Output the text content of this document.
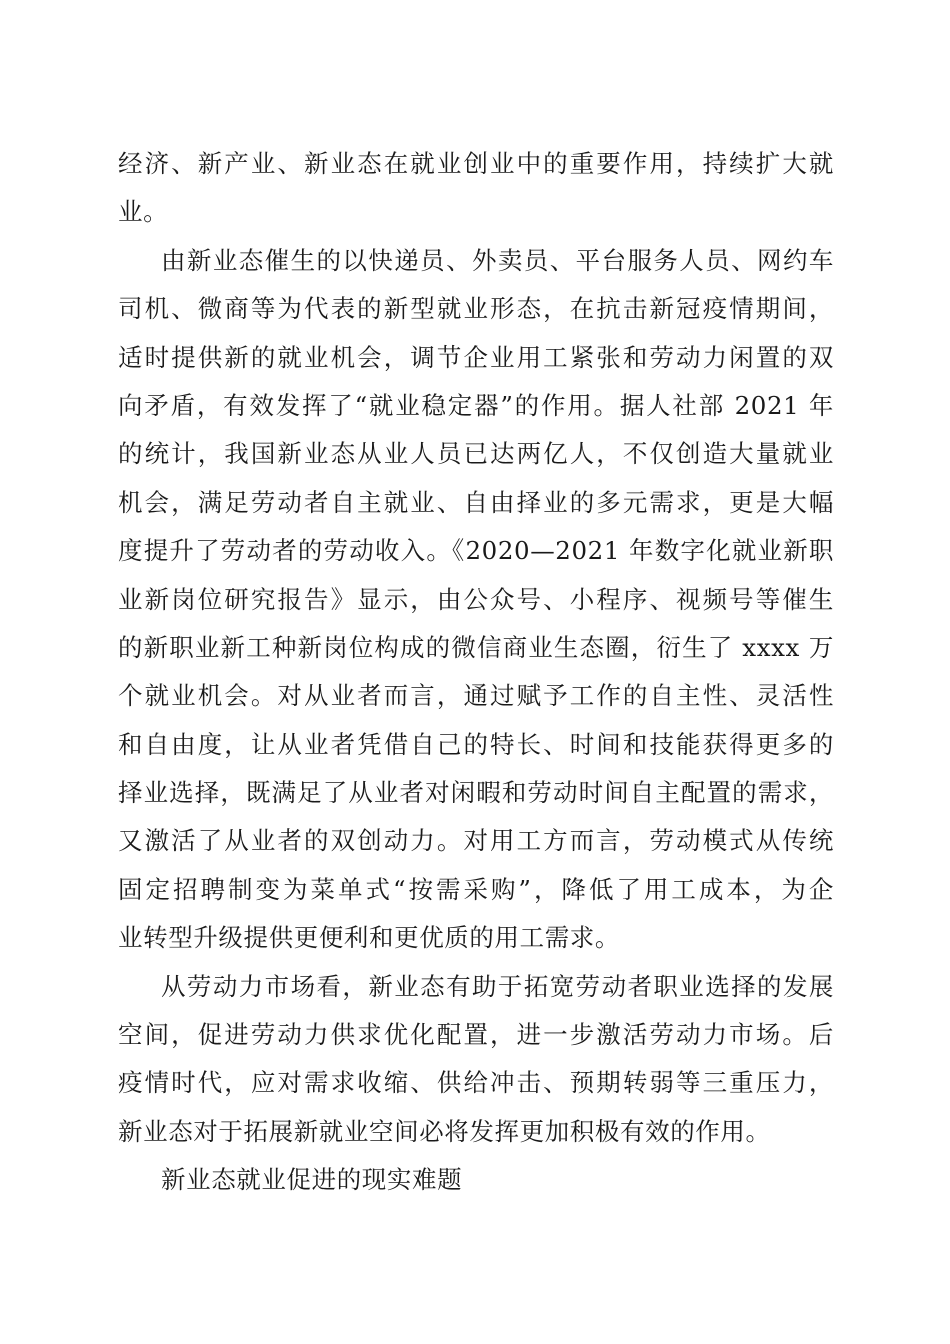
经济、新产业、新业态在就业创业中的重要作用，持续扩大就
业。
由新业态催生的以快递员、外卖员、平台服务人员、网约车
司机、微商等为代表的新型就业形态，在抗击新冠疫情期间，
适时提供新的就业机会，调节企业用工紧张和劳动力闲置的双
向矛盾，有效发挥了“就业稳定器”的作用。据人社部 2021 年
的统计，我国新业态从业人员已达两亿人，不仅创造大量就业
机会，满足劳动者自主就业、自由择业的多元需求，更是大幅
度提升了劳动者的劳动收入。《2020—2021 年数字化就业新职
业新岗位研究报告》显示，由公众号、小程序、视频号等催生
的新职业新工种新岗位构成的微信商业生态圈，衍生了 xxxx 万
个就业机会。对从业者而言，通过赋予工作的自主性、灵活性
和自由度，让从业者凭借自己的特长、时间和技能获得更多的
择业选择，既满足了从业者对闲暇和劳动时间自主配置的需求，
又激活了从业者的双创动力。对用工方而言，劳动模式从传统
固定招聘制变为菜单式“按需采购”，降低了用工成本，为企
业转型升级提供更便利和更优质的用工需求。
从劳动力市场看，新业态有助于拓宽劳动者职业选择的发展
空间，促进劳动力供求优化配置，进一步激活劳动力市场。后
疫情时代，应对需求收缩、供给冲击、预期转弱等三重压力，
新业态对于拓展新就业空间必将发挥更加积极有效的作用。
新业态就业促进的现实难题
